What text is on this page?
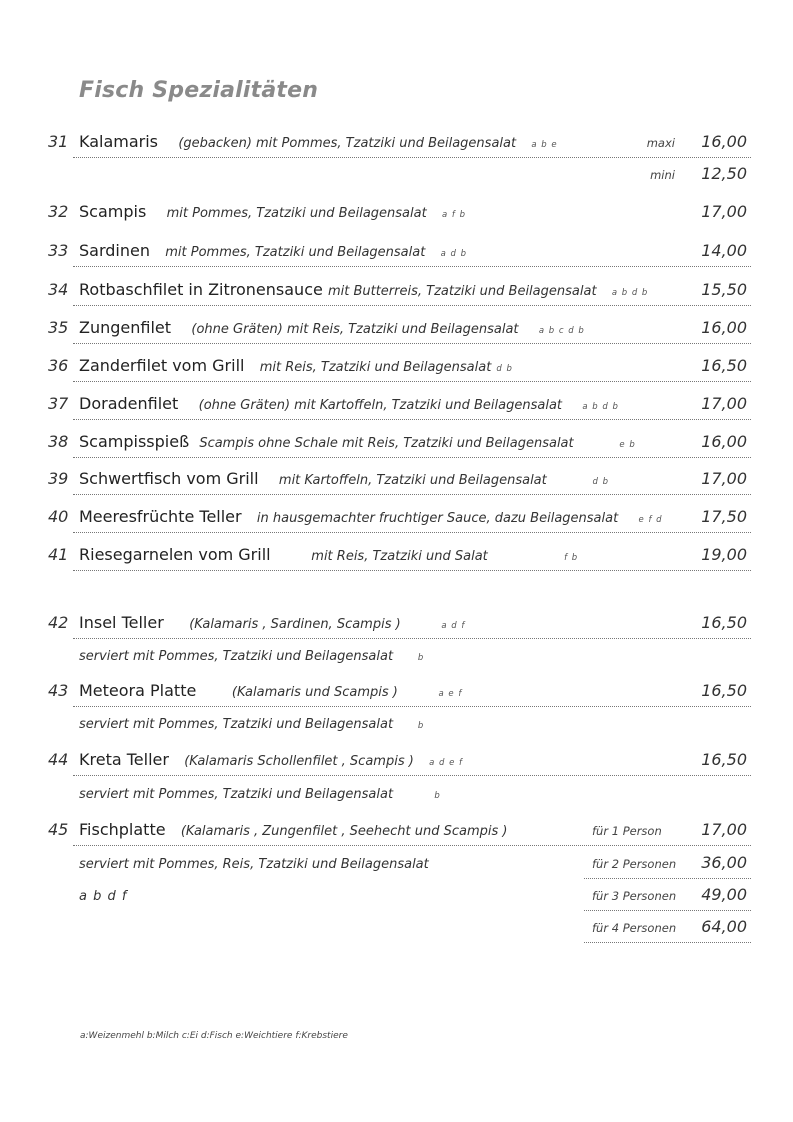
Fisch Spezialitäten
31 Kalamaris (gebacken) mit Pommes, Tzatziki und Beilagensalat a b e	maxi 16,00
mini 12,50
32 Scampis mit Pommes, Tzatziki und Beilagensalat a f b	17,00
33 Sardinen mit Pommes, Tzatziki und Beilagensalat a d b	14,00
34 Rotbaschfilet in Zitronensauce mit Butterreis, Tzatziki und Beilagensalat a b d b	15,50
35 Zungenfilet (ohne Gräten) mit Reis, Tzatziki und Beilagensalat a b c d b	16,00
36 Zanderfilet vom Grill mit Reis, Tzatziki und Beilagensalat d b	16,50
37 Doradenfilet (ohne Gräten) mit Kartoffeln, Tzatziki und Beilagensalat a b d b	17,00
38 Scampisspieß Scampis ohne Schale mit Reis, Tzatziki und Beilagensalat	e b	16,00
39 Schwertfisch vom Grill mit Kartoffeln, Tzatziki und Beilagensalat	d b	17,00
40 Meeresfrüchte Teller in hausgemachter fruchtiger Sauce, dazu Beilagensalat e f d 17,50
41 Riesegarnelen vom Grill	mit Reis, Tzatziki und Salat	f b	19,00
42 Insel Teller (Kalamaris , Sardinen, Scampis )	a d f	16,50
serviert mit Pommes, Tzatziki und Beilagensalat	b
43 Meteora Platte	(Kalamaris und Scampis )	a e f	16,50
serviert mit Pommes, Tzatziki und Beilagensalat	b
44 Kreta Teller (Kalamaris Schollenfilet , Scampis ) a d e f	16,50
serviert mit Pommes, Tzatziki und Beilagensalat	b
45 Fischplatte (Kalamaris , Zungenfilet , Seehecht und Scampis )	für 1 Person 17,00
serviert mit Pommes, Reis, Tzatziki und Beilagensalat	für 2 Personen 36,00
a b d f	für 3 Personen 49,00
für 4 Personen 64,00
a:Weizenmehl b:Milch c:Ei d:Fisch e:Weichtiere f:Krebstiere
